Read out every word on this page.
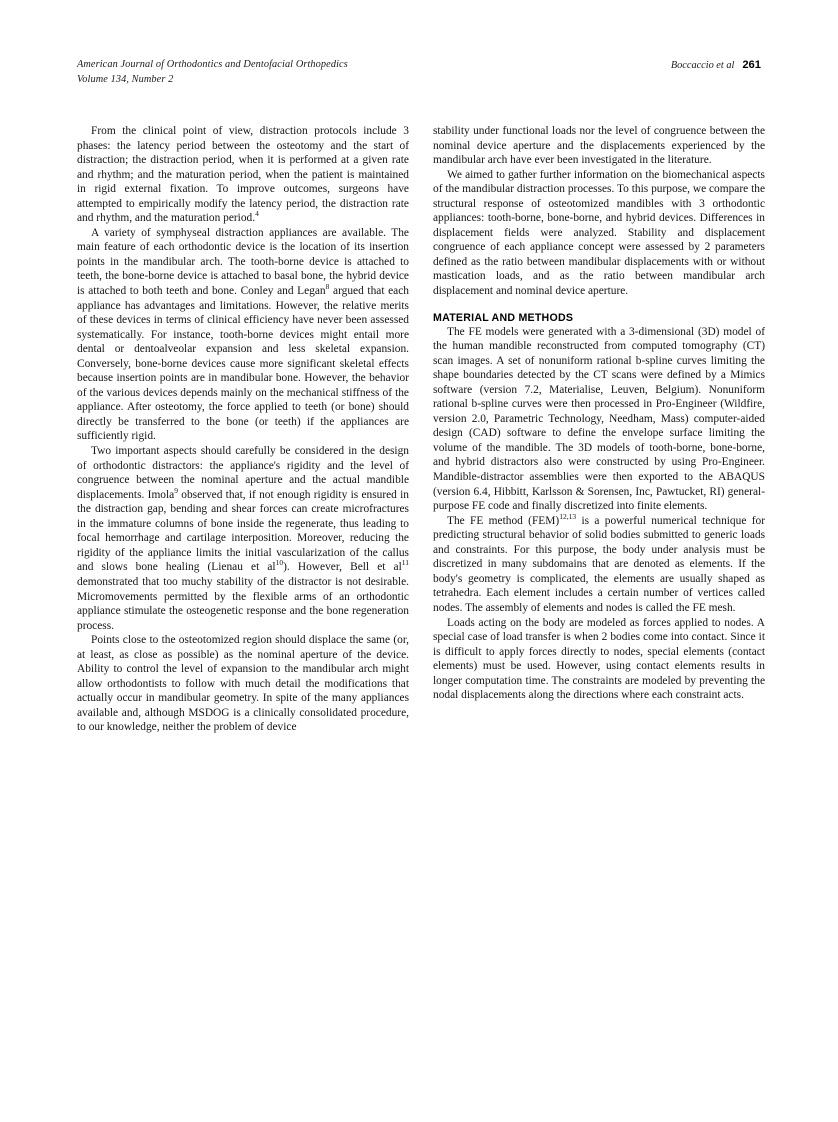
American Journal of Orthodontics and Dentofacial Orthopedics
Volume 134, Number 2
Boccaccio et al 261

From the clinical point of view, distraction protocols include 3 phases: the latency period between the osteotomy and the start of distraction; the distraction period, when it is performed at a given rate and rhythm; and the maturation period, when the patient is maintained in rigid external fixation. To improve outcomes, surgeons have attempted to empirically modify the latency period, the distraction rate and rhythm, and the maturation period.$^4$

A variety of symphyseal distraction appliances are available. The main feature of each orthodontic device is the location of its insertion points in the mandibular arch. The tooth-borne device is attached to teeth, the bone-borne device is attached to basal bone, the hybrid device is attached to both teeth and bone. Conley and Legan$^8$ argued that each appliance has advantages and limitations. However, the relative merits of these devices in terms of clinical efficiency have never been assessed systematically. For instance, tooth-borne devices might entail more dental or dentoalveolar expansion and less skeletal expansion. Conversely, bone-borne devices cause more significant skeletal effects because insertion points are in mandibular bone. However, the behavior of the various devices depends mainly on the mechanical stiffness of the appliance. After osteotomy, the force applied to teeth (or bone) should directly be transferred to the bone (or teeth) if the appliances are sufficiently rigid.

Two important aspects should carefully be considered in the design of orthodontic distractors: the appliance's rigidity and the level of congruence between the nominal aperture and the actual mandible displacements. Imola$^9$ observed that, if not enough rigidity is ensured in the distraction gap, bending and shear forces can create microfractures in the immature columns of bone inside the regenerate, thus leading to focal hemorrhage and cartilage interposition. Moreover, reducing the rigidity of the appliance limits the initial vascularization of the callus and slows bone healing (Lienau et $al^{10}$). However, Bell et $al^{11}$ demonstrated that too muchy stability of the distractor is not desirable. Micromovements permitted by the flexible arms of an orthodontic appliance stimulate the osteogenetic response and the bone regeneration process.

Points close to the osteotomized region should displace the same (or, at least, as close as possible) as the nominal aperture of the device. Ability to control the level of expansion to the mandibular arch might allow orthodontists to follow with much detail the modifications that actually occur in mandibular geometry. In spite of the many appliances available and, although MSDOG is a clinically consolidated procedure, to our knowledge, neither the problem of device

stability under functional loads nor the level of congruence between the nominal device aperture and the displacements experienced by the mandibular arch have ever been investigated in the literature.

We aimed to gather further information on the biomechanical aspects of the mandibular distraction processes. To this purpose, we compare the structural response of osteotomized mandibles with 3 orthodontic appliances: tooth-borne, bone-borne, and hybrid devices. Differences in displacement fields were analyzed. Stability and displacement congruence of each appliance concept were assessed by 2 parameters defined as the ratio between mandibular displacements with or without mastication loads, and as the ratio between mandibular arch displacement and nominal device aperture.

MATERIAL AND METHODS

The FE models were generated with a 3-dimensional (3D) model of the human mandible reconstructed from computed tomography (CT) scan images. A set of nonuniform rational b-spline curves limiting the shape boundaries detected by the CT scans were defined by a Mimics software (version 7.2, Materialise, Leuven, Belgium). Nonuniform rational b-spline curves were then processed in Pro-Engineer (Wildfire, version 2.0, Parametric Technology, Needham, Mass) computer-aided design (CAD) software to define the envelope surface limiting the volume of the mandible. The 3D models of tooth-borne, bone-borne, and hybrid distractors also were constructed by using Pro-Engineer. Mandible-distractor assemblies were then exported to the ABAQUS (version 6.4, Hibbitt, Karlsson & Sorensen, Inc, Pawtucket, RI) general-purpose FE code and finally discretized into finite elements.

The FE method (FEM)$^{12,13}$ is a powerful numerical technique for predicting structural behavior of solid bodies submitted to generic loads and constraints. For this purpose, the body under analysis must be discretized in many subdomains that are denoted as elements. If the body's geometry is complicated, the elements are usually shaped as tetrahedra. Each element includes a certain number of vertices called nodes. The assembly of elements and nodes is called the FE mesh.

Loads acting on the body are modeled as forces applied to nodes. A special case of load transfer is when 2 bodies come into contact. Since it is difficult to apply forces directly to nodes, special elements (contact elements) must be used. However, using contact elements results in longer computation time. The constraints are modeled by preventing the nodal displacements along the directions where each constraint acts.
